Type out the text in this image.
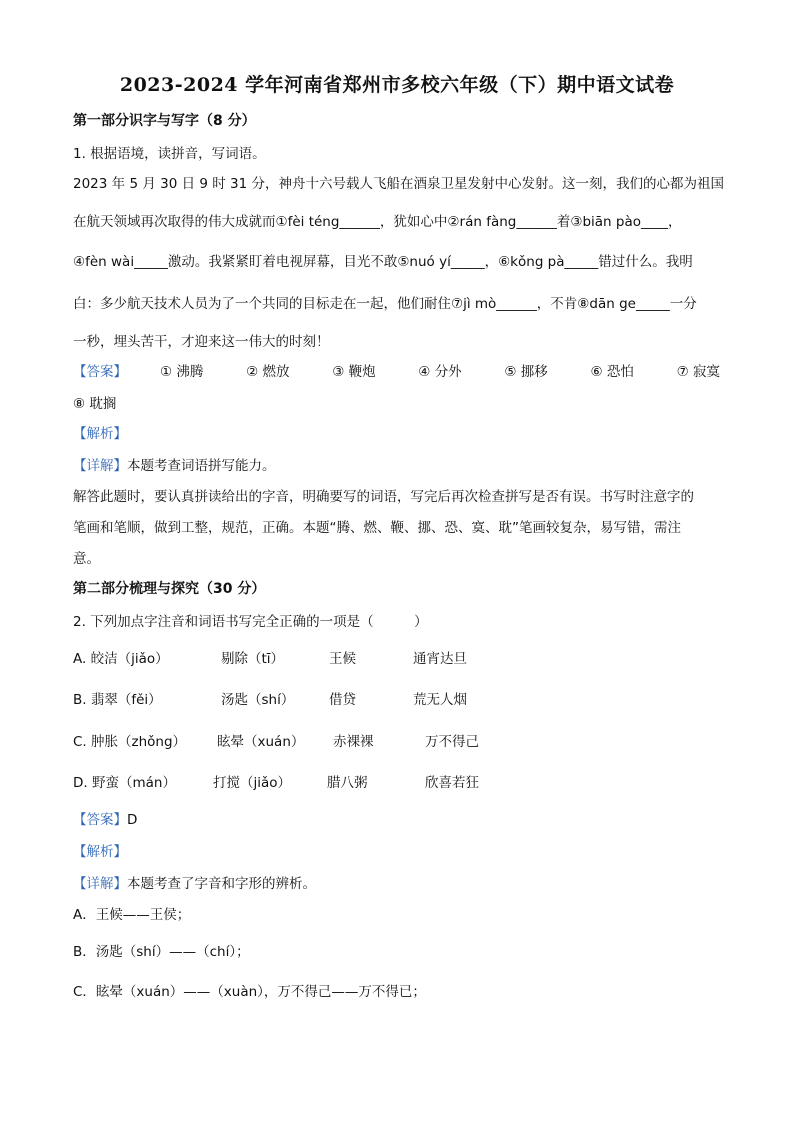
2023-2024 学年河南省郑州市多校六年级（下）期中语文试卷
第一部分识字与写字（8 分）
1. 根据语境，读拼音，写词语。
2023 年 5 月 30 日 9 时 31 分，神舟十六号载人飞船在酒泉卫星发射中心发射。这一刻，我们的心都为祖国
在航天领域再次取得的伟大成就而①fèi téng______，犹如心中②rán fàng______着③biān pào____，
④fèn wài_____激动。我紧紧盯着电视屏幕，目光不敢⑤nuó yí_____，⑥kǒng pà_____错过什么。我明
白：多少航天技术人员为了一个共同的目标走在一起，他们耐住⑦jì mò______，不肯⑧dān ge_____一分
一秒，埋头苦干，才迎来这一伟大的时刻！
【答案】 ① 沸腾	② 燃放	③ 鞭炮	④ 分外	⑤ 挪移	⑥ 恐怕	⑦ 寂寞
⑧ 耽搁
【解析】
【详解】本题考查词语拼写能力。
解答此题时，要认真拼读给出的字音，明确要写的词语，写完后再次检查拼写是否有误。书写时注意字的
笔画和笔顺，做到工整，规范，正确。本题“腾、燃、鞭、挪、恐、寞、耽”笔画较复杂，易写错，需注
意。
第二部分梳理与探究（30 分）
2. 下列加点字注音和词语书写完全正确的一项是（　　　）
A. 皎洁（jiǎo）	剔除（tī）	王候	通宵达旦
B. 翡翠（fěi）	汤匙（shí）	借贷	荒无人烟
C. 肿胀（zhǒng） 眩晕（xuán） 赤裸裸	万不得己
D. 野蛮（mán）	打搅（jiǎo）	腊八粥	欣喜若狂
【答案】D
【解析】
【详解】本题考查了字音和字形的辨析。
A．王候——王侯；
B．汤匙（shí）——（chí）；
C．眩晕（xuán）——（xuàn），万不得己——万不得已；
